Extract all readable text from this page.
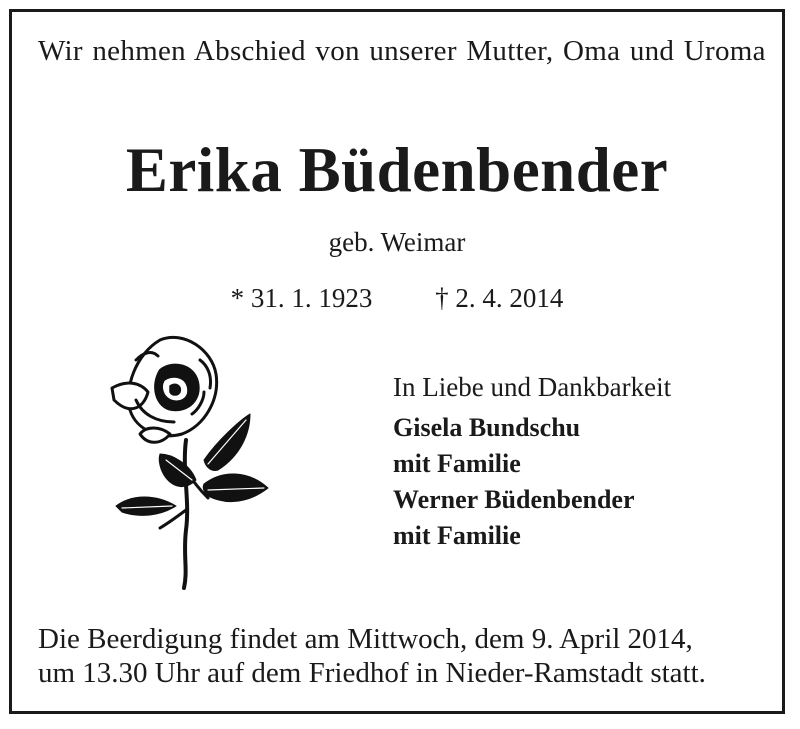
Wir nehmen Abschied von unserer Mutter, Oma und Uroma
Erika Büdenbender
geb. Weimar
* 31. 1. 1923 † 2. 4. 2014
In Liebe und Dankbarkeit
Gisela Bundschu
mit Familie
Werner Büdenbender
mit Familie
Die Beerdigung findet am Mittwoch, dem 9. April 2014,
um 13.30 Uhr auf dem Friedhof in Nieder-Ramstadt statt.
